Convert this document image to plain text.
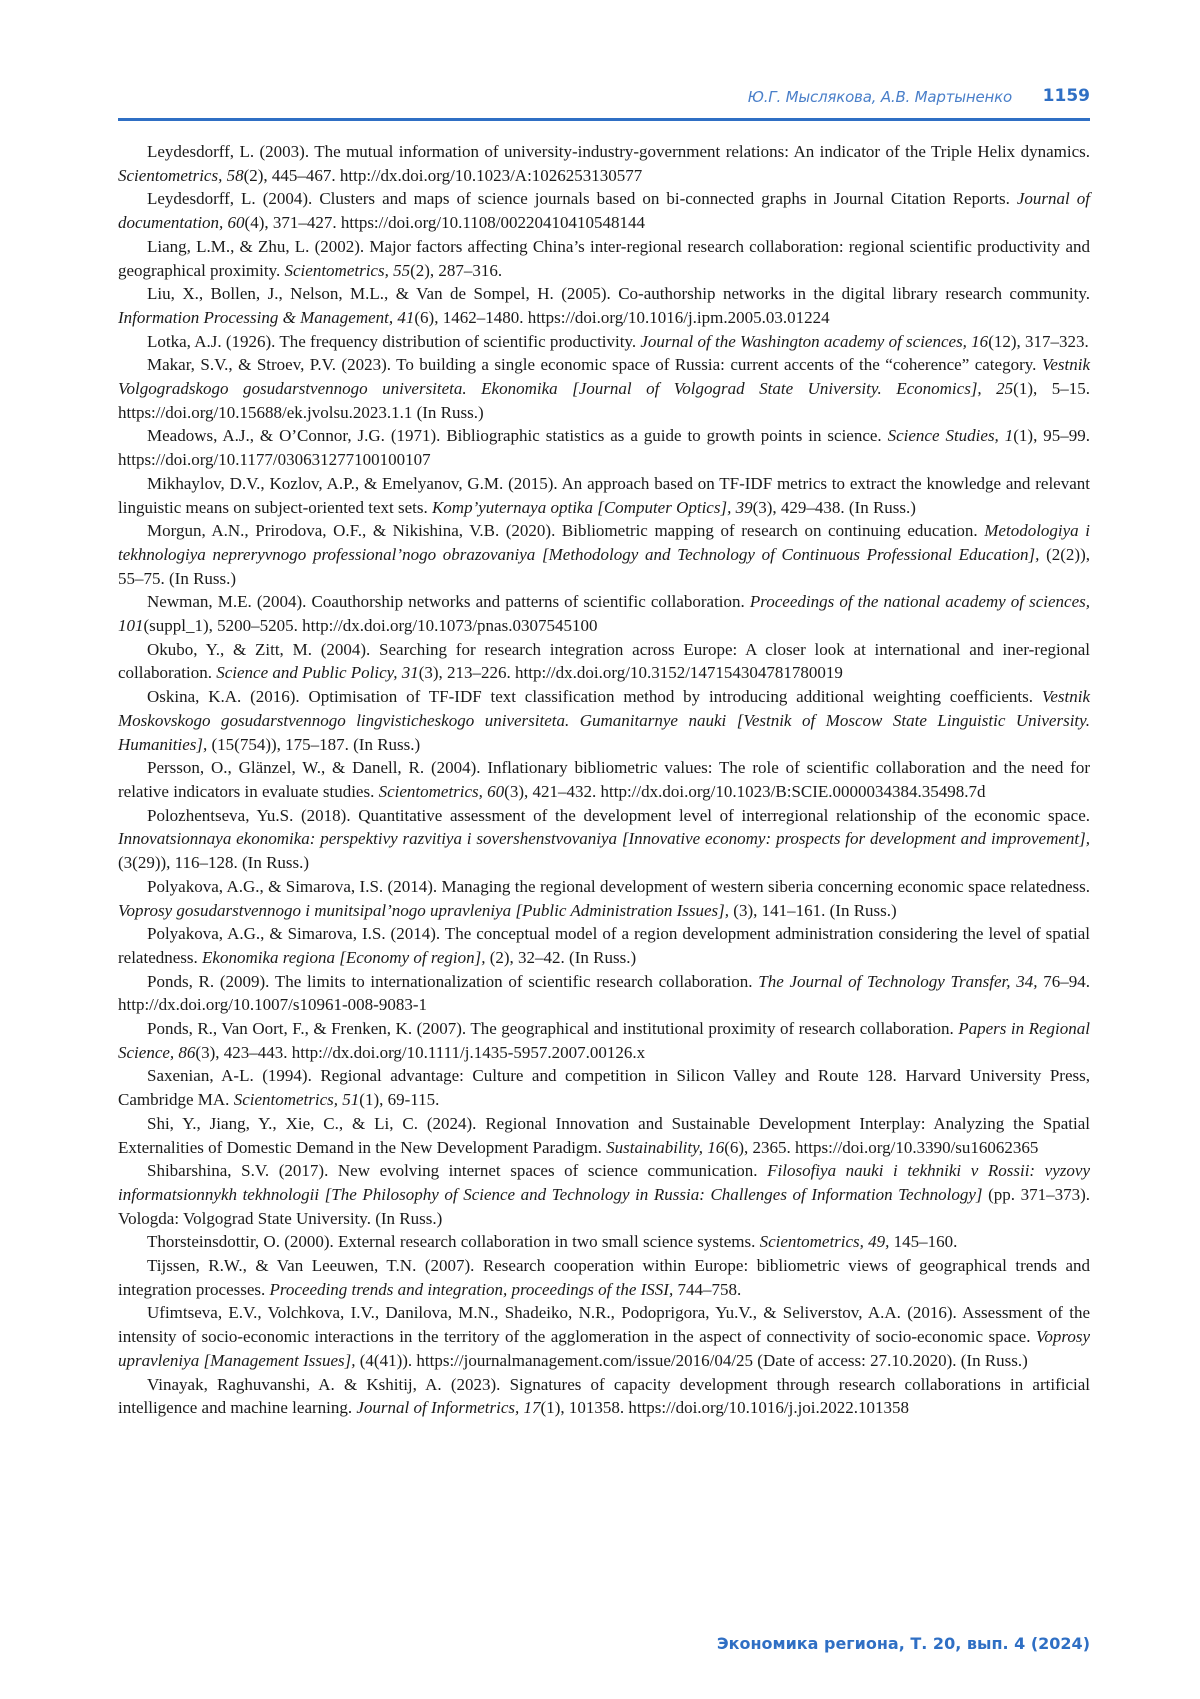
Ю.Г. Мыслякова, А.В. Мартыненко 1159

Leydesdorff, L. (2003). The mutual information of university-industry-government relations: An indicator of the Triple Helix dynamics. Scientometrics, 58(2), 445–467. http://dx.doi.org/10.1023/A:1026253130577

Leydesdorff, L. (2004). Clusters and maps of science journals based on bi-connected graphs in Journal Citation Reports. Journal of documentation, 60(4), 371–427. https://doi.org/10.1108/00220410410548144

Liang, L.M., & Zhu, L. (2002). Major factors affecting China’s inter-regional research collaboration: regional scientific productivity and geographical proximity. Scientometrics, 55(2), 287–316.

Liu, X., Bollen, J., Nelson, M.L., & Van de Sompel, H. (2005). Co-authorship networks in the digital library research community. Information Processing & Management, 41(6), 1462–1480. https://doi.org/10.1016/j.ipm.2005.03.01224

Lotka, A.J. (1926). The frequency distribution of scientific productivity. Journal of the Washington academy of sciences, 16(12), 317–323.

Makar, S.V., & Stroev, P.V. (2023). To building a single economic space of Russia: current accents of the “coherence” category. Vestnik Volgogradskogo gosudarstvennogo universiteta. Ekonomika [Journal of Volgograd State University. Economics], 25(1), 5–15. https://doi.org/10.15688/ek.jvolsu.2023.1.1 (In Russ.)

Meadows, A.J., & O’Connor, J.G. (1971). Bibliographic statistics as a guide to growth points in science. Science Studies, 1(1), 95–99. https://doi.org/10.1177/030631277100100107

Mikhaylov, D.V., Kozlov, A.P., & Emelyanov, G.M. (2015). An approach based on TF-IDF metrics to extract the knowledge and relevant linguistic means on subject-oriented text sets. Komp’yuternaya optika [Computer Optics], 39(3), 429–438. (In Russ.)

Morgun, A.N., Prirodova, O.F., & Nikishina, V.B. (2020). Bibliometric mapping of research on continuing education. Metodologiya i tekhnologiya nepreryvnogo professional’nogo obrazovaniya [Methodology and Technology of Continuous Professional Education], (2(2)), 55–75. (In Russ.)

Newman, M.E. (2004). Coauthorship networks and patterns of scientific collaboration. Proceedings of the national academy of sciences, 101(suppl_1), 5200–5205. http://dx.doi.org/10.1073/pnas.0307545100

Okubo, Y., & Zitt, M. (2004). Searching for research integration across Europe: A closer look at international and iner-regional collaboration. Science and Public Policy, 31(3), 213–226. http://dx.doi.org/10.3152/147154304781780019

Oskina, K.A. (2016). Optimisation of TF-IDF text classification method by introducing additional weighting coefficients. Vestnik Moskovskogo gosudarstvennogo lingvisticheskogo universiteta. Gumanitarnye nauki [Vestnik of Moscow State Linguistic University. Humanities], (15(754)), 175–187. (In Russ.)

Persson, O., Glänzel, W., & Danell, R. (2004). Inflationary bibliometric values: The role of scientific collaboration and the need for relative indicators in evaluate studies. Scientometrics, 60(3), 421–432. http://dx.doi.org/10.1023/B:SCIE.0000034384.35498.7d

Polozhentseva, Yu.S. (2018). Quantitative assessment of the development level of interregional relationship of the economic space. Innovatsionnaya ekonomika: perspektivy razvitiya i sovershenstvovaniya [Innovative economy: prospects for development and improvement], (3(29)), 116–128. (In Russ.)

Polyakova, A.G., & Simarova, I.S. (2014). Managing the regional development of western siberia concerning economic space relatedness. Voprosy gosudarstvennogo i munitsipal’nogo upravleniya [Public Administration Issues], (3), 141–161. (In Russ.)

Polyakova, A.G., & Simarova, I.S. (2014). The conceptual model of a region development administration considering the level of spatial relatedness. Ekonomika regiona [Economy of region], (2), 32–42. (In Russ.)

Ponds, R. (2009). The limits to internationalization of scientific research collaboration. The Journal of Technology Transfer, 34, 76–94. http://dx.doi.org/10.1007/s10961-008-9083-1

Ponds, R., Van Oort, F., & Frenken, K. (2007). The geographical and institutional proximity of research collaboration. Papers in Regional Science, 86(3), 423–443. http://dx.doi.org/10.1111/j.1435-5957.2007.00126.x

Saxenian, A-L. (1994). Regional advantage: Culture and competition in Silicon Valley and Route 128. Harvard University Press, Cambridge MA. Scientometrics, 51(1), 69-115.

Shi, Y., Jiang, Y., Xie, C., & Li, C. (2024). Regional Innovation and Sustainable Development Interplay: Analyzing the Spatial Externalities of Domestic Demand in the New Development Paradigm. Sustainability, 16(6), 2365. https://doi.org/10.3390/su16062365

Shibarshina, S.V. (2017). New evolving internet spaces of science communication. Filosofiya nauki i tekhniki v Rossii: vyzovy informatsionnykh tekhnologii [The Philosophy of Science and Technology in Russia: Challenges of Information Technology] (pp. 371–373). Vologda: Volgograd State University. (In Russ.)

Thorsteinsdottir, O. (2000). External research collaboration in two small science systems. Scientometrics, 49, 145–160.

Tijssen, R.W., & Van Leeuwen, T.N. (2007). Research cooperation within Europe: bibliometric views of geographical trends and integration processes. Proceeding trends and integration, proceedings of the ISSI, 744–758.

Ufimtseva, E.V., Volchkova, I.V., Danilova, M.N., Shadeiko, N.R., Podoprigora, Yu.V., & Seliverstov, A.A. (2016). Assessment of the intensity of socio-economic interactions in the territory of the agglomeration in the aspect of connectivity of socio-economic space. Voprosy upravleniya [Management Issues], (4(41)). https://journalmanagement.com/issue/2016/04/25 (Date of access: 27.10.2020). (In Russ.)

Vinayak, Raghuvanshi, A. & Kshitij, A. (2023). Signatures of capacity development through research collaborations in artificial intelligence and machine learning. Journal of Informetrics, 17(1), 101358. https://doi.org/10.1016/j.joi.2022.101358

Экономика региона, Т. 20, вып. 4 (2024)
